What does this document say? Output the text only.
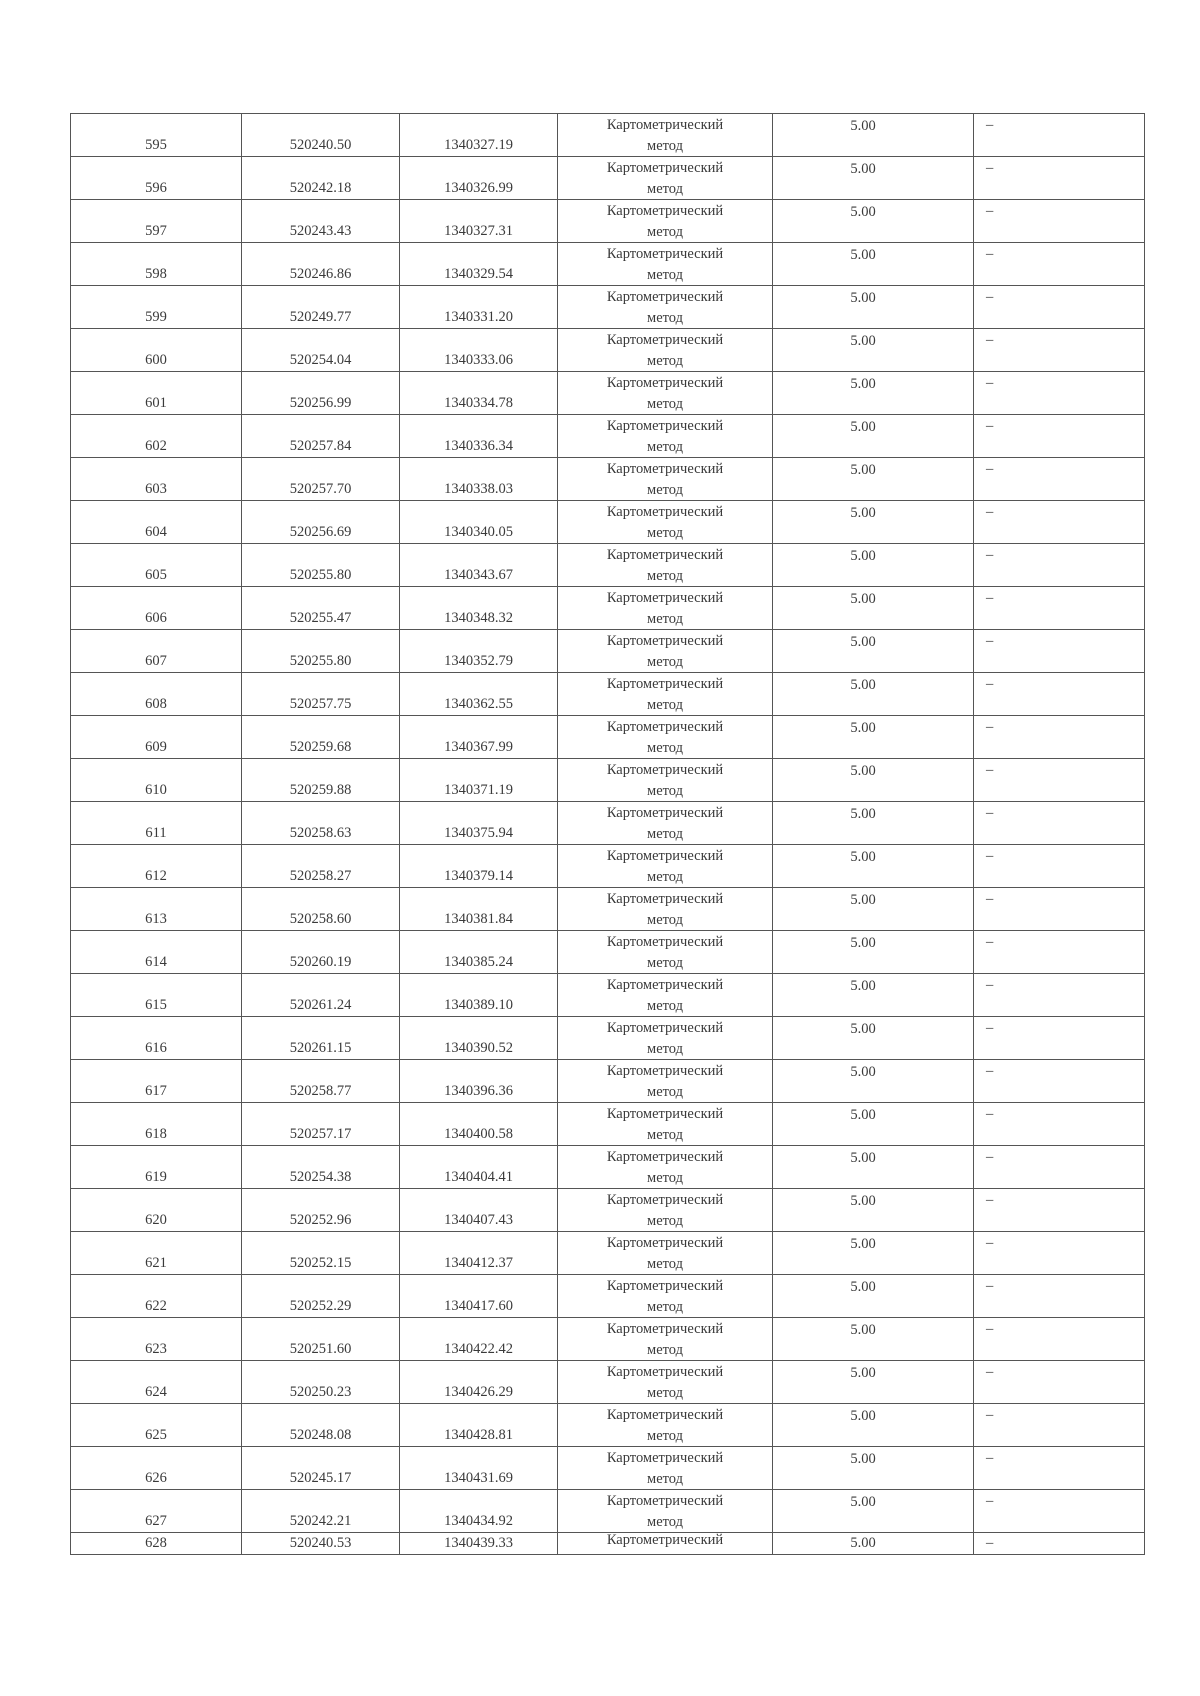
595	520240.50	1340327.19	Картометрический
метод	5.00	–

596	520242.18	1340326.99	Картометрический
метод	5.00	–

597	520243.43	1340327.31	Картометрический
метод	5.00	–

598	520246.86	1340329.54	Картометрический
метод	5.00	–

599	520249.77	1340331.20	Картометрический
метод	5.00	–

600	520254.04	1340333.06	Картометрический
метод	5.00	–

601	520256.99	1340334.78	Картометрический
метод	5.00	–

602	520257.84	1340336.34	Картометрический
метод	5.00	–

603	520257.70	1340338.03	Картометрический
метод	5.00	–

604	520256.69	1340340.05	Картометрический
метод	5.00	–

605	520255.80	1340343.67	Картометрический
метод	5.00	–

606	520255.47	1340348.32	Картометрический
метод	5.00	–

607	520255.80	1340352.79	Картометрический
метод	5.00	–

608	520257.75	1340362.55	Картометрический
метод	5.00	–

609	520259.68	1340367.99	Картометрический
метод	5.00	–

610	520259.88	1340371.19	Картометрический
метод	5.00	–

611	520258.63	1340375.94	Картометрический
метод	5.00	–

612	520258.27	1340379.14	Картометрический
метод	5.00	–

613	520258.60	1340381.84	Картометрический
метод	5.00	–

614	520260.19	1340385.24	Картометрический
метод	5.00	–

615	520261.24	1340389.10	Картометрический
метод	5.00	–

616	520261.15	1340390.52	Картометрический
метод	5.00	–

617	520258.77	1340396.36	Картометрический
метод	5.00	–

618	520257.17	1340400.58	Картометрический
метод	5.00	–

619	520254.38	1340404.41	Картометрический
метод	5.00	–

620	520252.96	1340407.43	Картометрический
метод	5.00	–

621	520252.15	1340412.37	Картометрический
метод	5.00	–

622	520252.29	1340417.60	Картометрический
метод	5.00	–

623	520251.60	1340422.42	Картометрический
метод	5.00	–

624	520250.23	1340426.29	Картометрический
метод	5.00	–

625	520248.08	1340428.81	Картометрический
метод	5.00	–

626	520245.17	1340431.69	Картометрический
метод	5.00	–

627	520242.21	1340434.92	Картометрический
метод	5.00	–

628	520240.53	1340439.33	Картометрический	5.00	–
